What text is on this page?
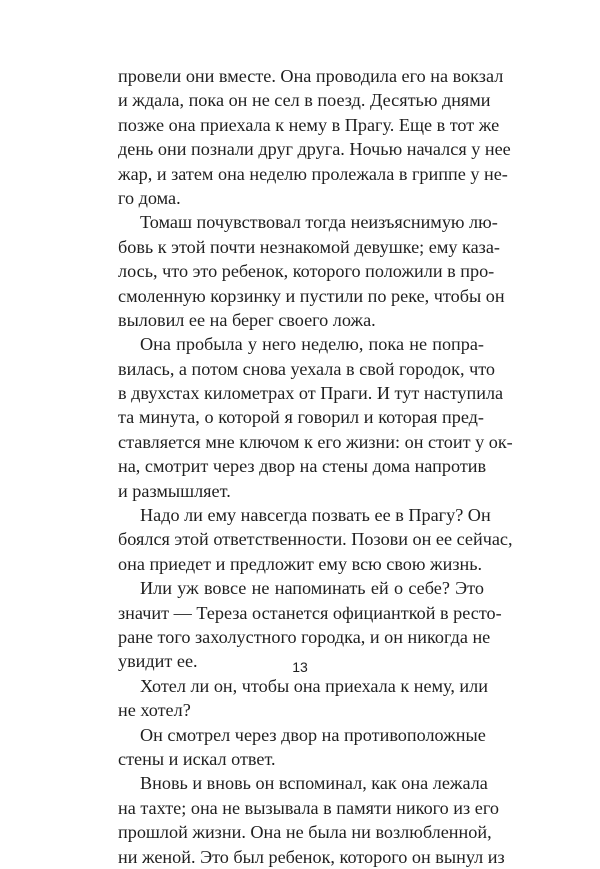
провели они вместе. Она проводила его на вокзал
и ждала, пока он не сел в поезд. Десятью днями
позже она приехала к нему в Прагу. Еще в тот же
день они познали друг друга. Ночью начался у нее
жар, и затем она неделю пролежала в гриппе у не-
го дома.
Томаш почувствовал тогда неизъяснимую лю-
бовь к этой почти незнакомой девушке; ему каза-
лось, что это ребенок, которого положили в про-
смоленную корзинку и пустили по реке, чтобы он
выловил ее на берег своего ложа.
Она пробыла у него неделю, пока не попра-
вилась, а потом снова уехала в свой городок, что
в двухстах километрах от Праги. И тут наступила
та минута, о которой я говорил и которая пред-
ставляется мне ключом к его жизни: он стоит у ок-
на, смотрит через двор на стены дома напротив
и размышляет.
Надо ли ему навсегда позвать ее в Прагу? Он
боялся этой ответственности. Позови он ее сейчас,
она приедет и предложит ему всю свою жизнь.
Или уж вовсе не напоминать ей о себе? Это
значит — Тереза останется официанткой в ресто-
ране того захолустного городка, и он никогда не
увидит ее.
Хотел ли он, чтобы она приехала к нему, или
не хотел?
Он смотрел через двор на противоположные
стены и искал ответ.
Вновь и вновь он вспоминал, как она лежала
на тахте; она не вызывала в памяти никого из его
прошлой жизни. Она не была ни возлюбленной,
ни женой. Это был ребенок, которого он вынул из
13
